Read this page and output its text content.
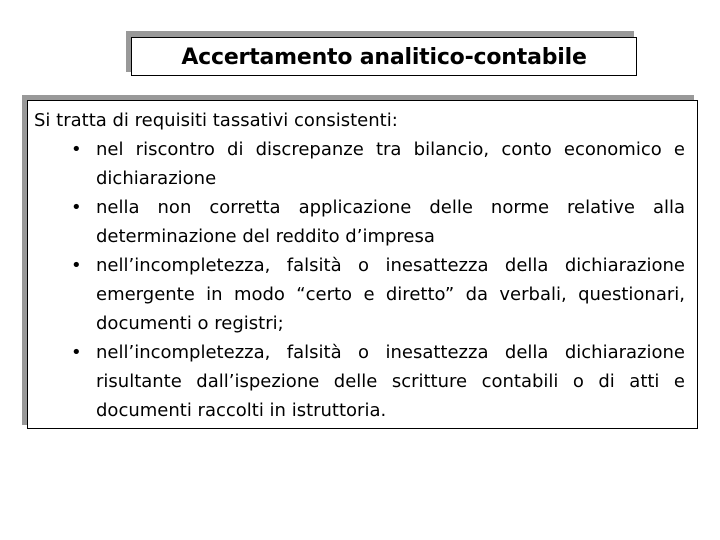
Accertamento analitico-contabile
Si tratta di requisiti tassativi consistenti:
• nel riscontro di discrepanze tra bilancio, conto economico e dichiarazione
• nella non corretta applicazione delle norme relative alla determinazione del reddito d’impresa
• nell’incompletezza, falsità o inesattezza della dichiarazione emergente in modo “certo e diretto” da verbali, questionari, documenti o registri;
• nell’incompletezza, falsità o inesattezza della dichiarazione risultante dall’ispezione delle scritture contabili o di atti e documenti raccolti in istruttoria.
